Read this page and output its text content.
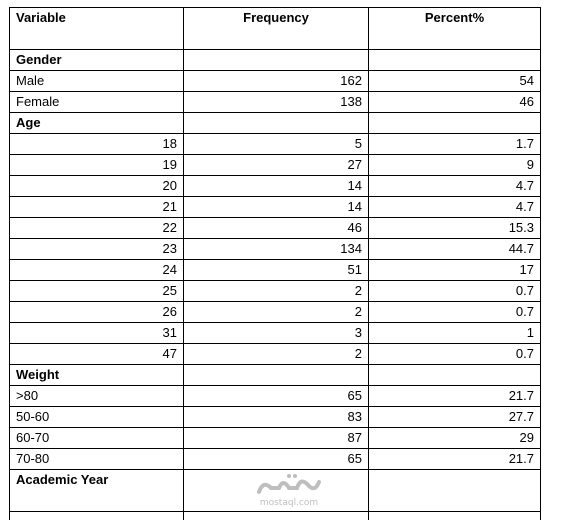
Variable	Frequency	Percent%
Gender		
Male	162	54
Female	138	46
Age		
18	5	1.7
19	27	9
20	14	4.7
21	14	4.7
22	46	15.3
23	134	44.7
24	51	17
25	2	0.7
26	2	0.7
31	3	1
47	2	0.7
Weight		
>80	65	21.7
50-60	83	27.7
60-70	87	29
70-80	65	21.7
Academic Year		

mostaql.com
